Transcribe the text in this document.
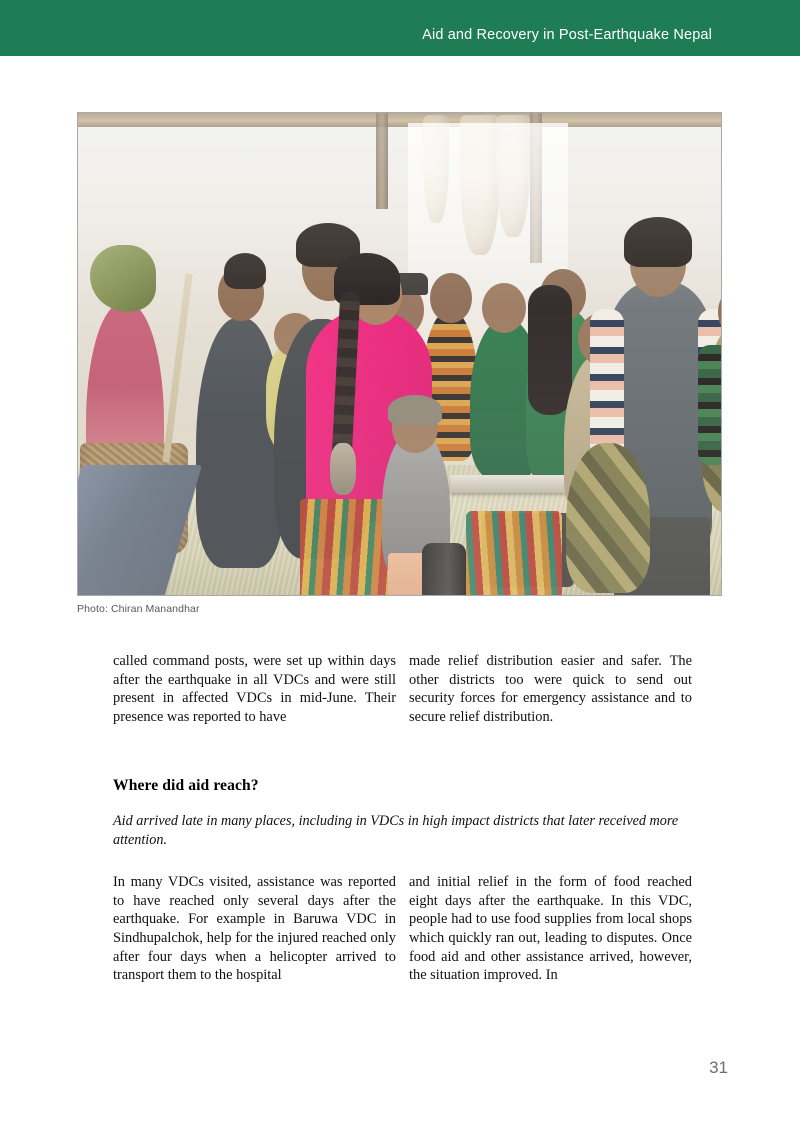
Aid and Recovery in Post-Earthquake Nepal
Photo: Chiran Manandhar

called command posts, were set up within days after the earthquake in all VDCs and were still present in affected VDCs in mid-June. Their presence was reported to have

made relief distribution easier and safer. The other districts too were quick to send out security forces for emergency assistance and to secure relief distribution.

Where did aid reach?

Aid arrived late in many places, including in VDCs in high impact districts that later received more attention.

In many VDCs visited, assistance was reported to have reached only several days after the earthquake. For example in Baruwa VDC in Sindhupalchok, help for the injured reached only after four days when a helicopter arrived to transport them to the hospital

and initial relief in the form of food reached eight days after the earthquake. In this VDC, people had to use food supplies from local shops which quickly ran out, leading to disputes. Once food aid and other assistance arrived, however, the situation improved. In

31
